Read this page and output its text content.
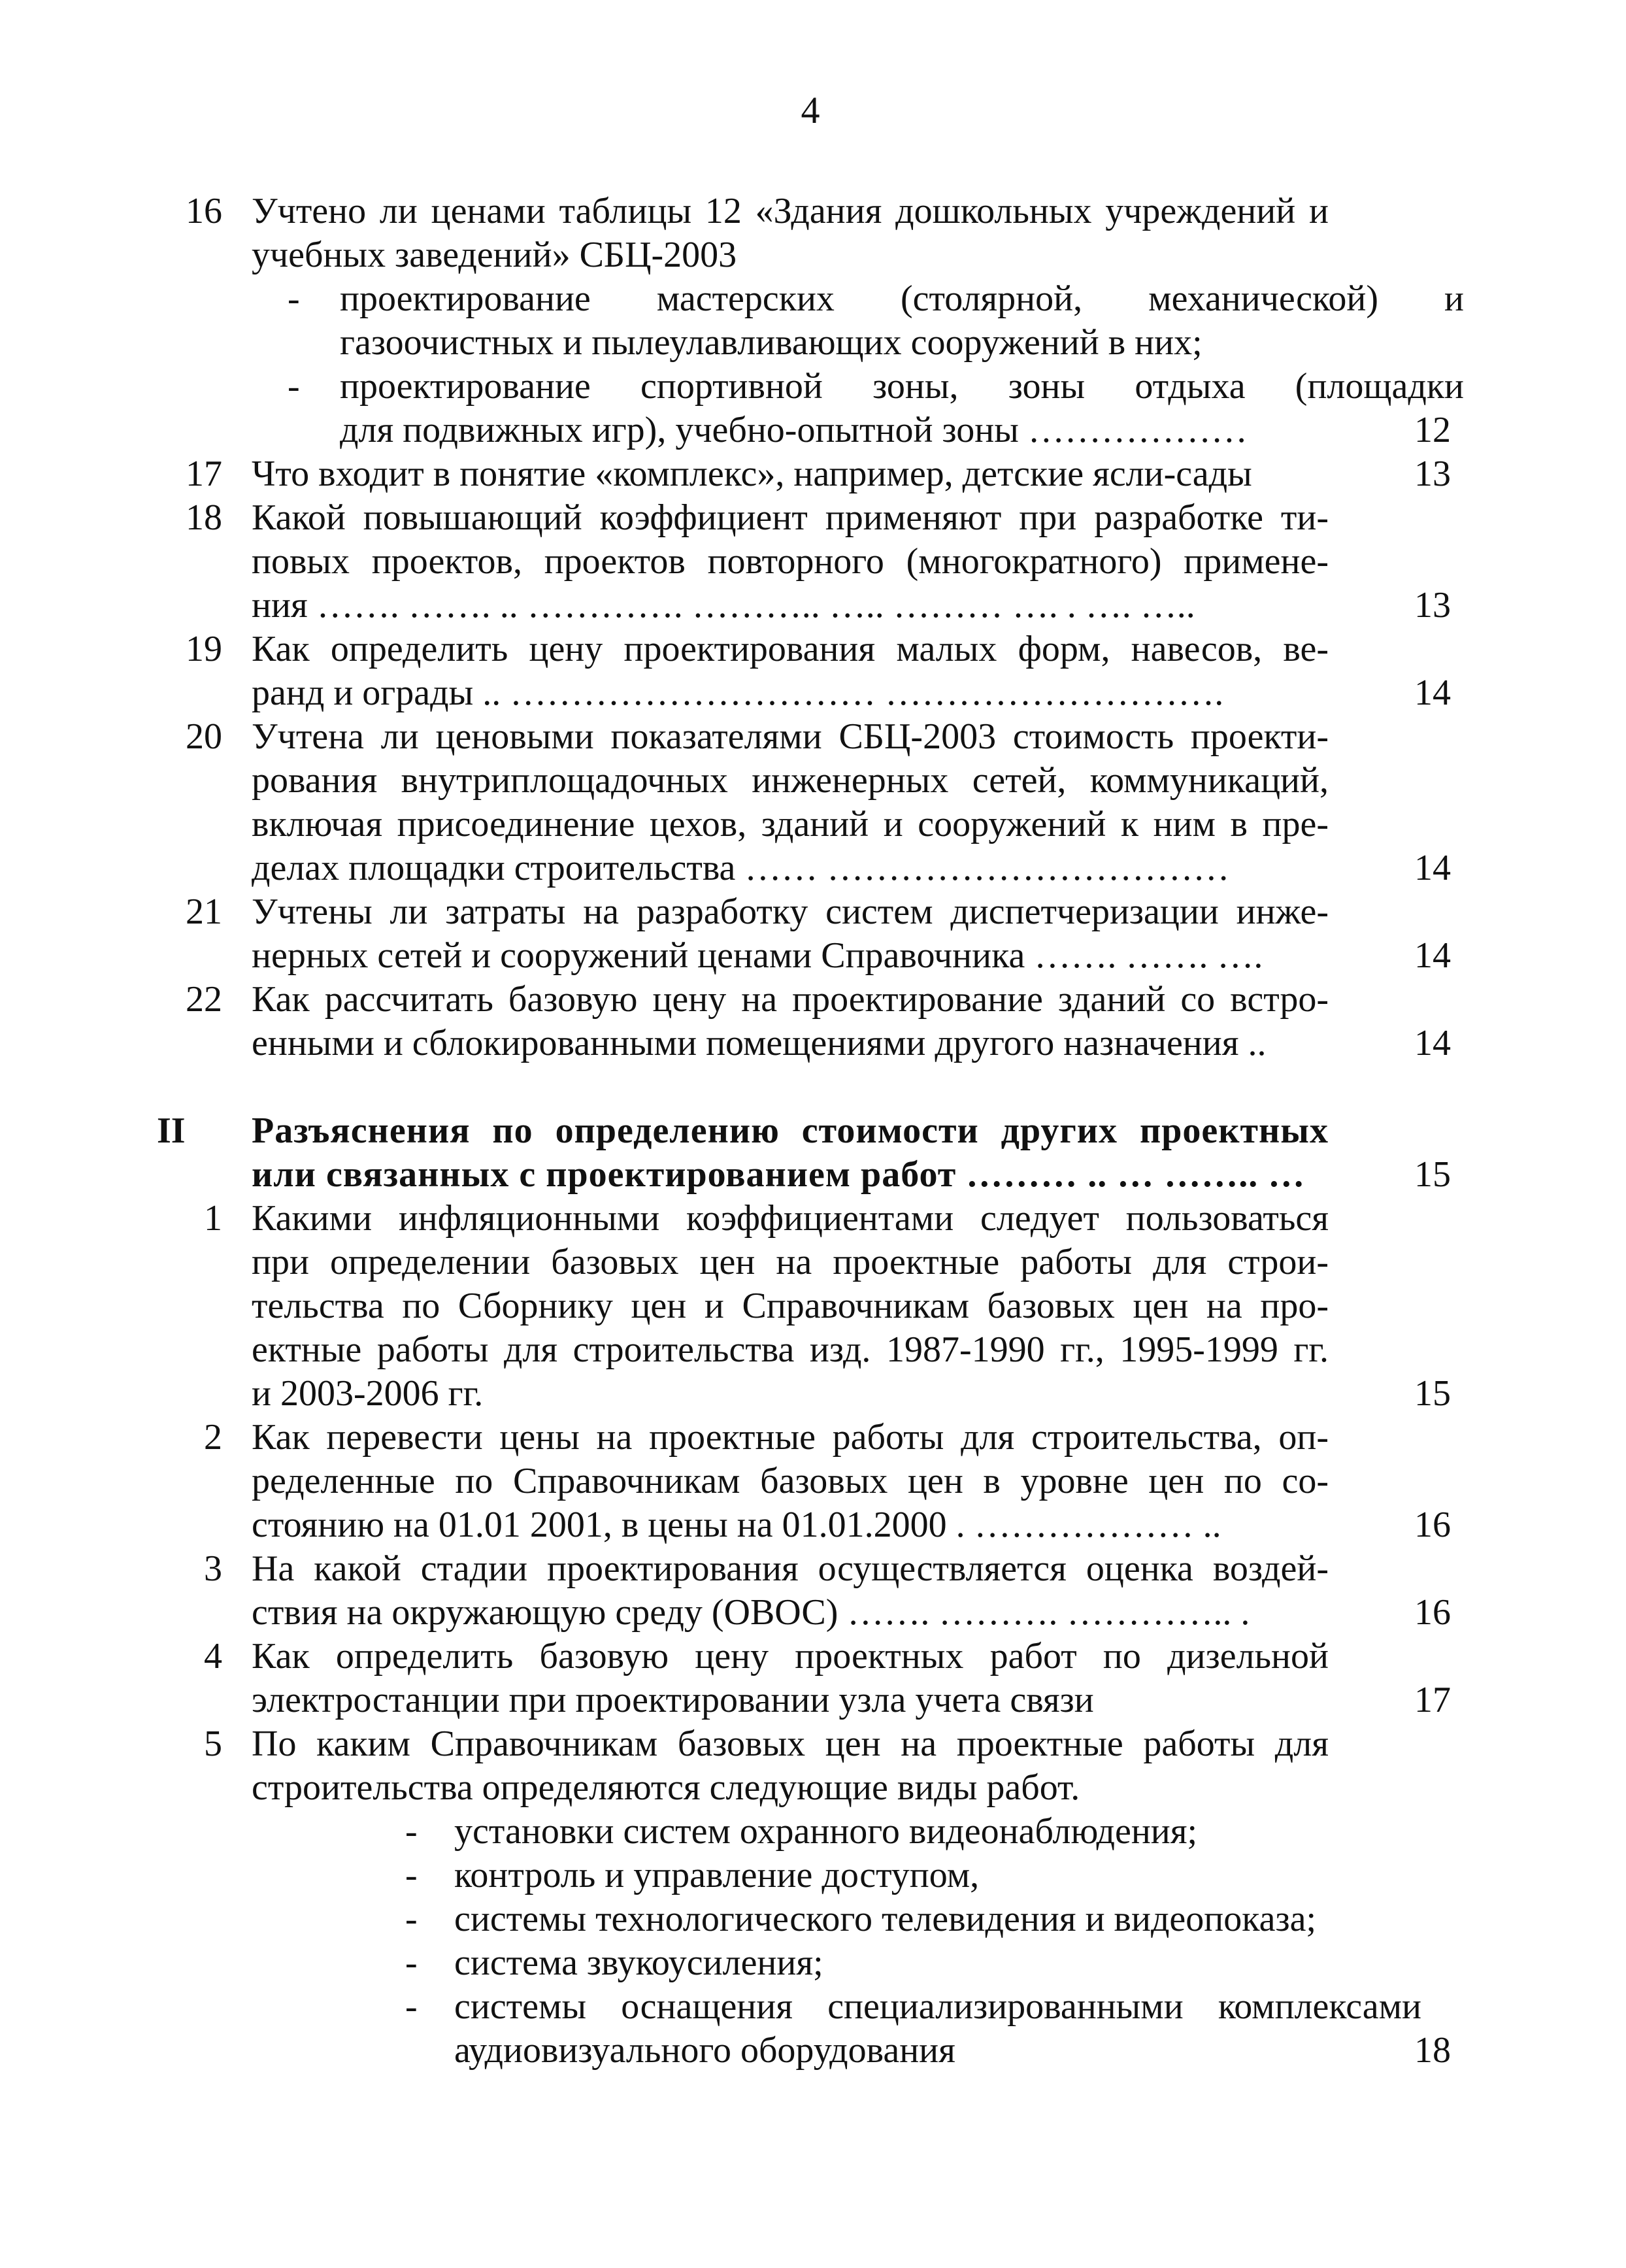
4
16 Учтено ли ценами таблицы 12 «Здания дошкольных учреждений и
учебных заведений» СБЦ-2003
- проектирование мастерских (столярной, механической) и
газоочистных и пылеулавливающих сооружений в них;
- проектирование спортивной зоны, зоны отдыха (площадки
для подвижных игр), учебно-опытной зоны ………………	12
17 Что входит в понятие «комплекс», например, детские ясли-сады	13
18 Какой повышающий коэффициент применяют при разработке ти-
повых проектов, проектов повторного (многократного) примене-
ния ……. ……. .. …………. ……….. ….. ……… …. . …. …..	13
19 Как определить цену проектирования малых форм, навесов, ве-
ранд и ограды .. ………………………… ……………………….	14
20 Учтена ли ценовыми показателями СБЦ-2003 стоимость проекти-
рования внутриплощадочных инженерных сетей, коммуникаций,
включая присоединение цехов, зданий и сооружений к ним в пре-
делах площадки строительства …… ……………………………	14
21 Учтены ли затраты на разработку систем диспетчеризации инже-
нерных сетей и сооружений ценами Справочника ……. ……. ….	14
22 Как рассчитать базовую цену на проектирование зданий со встро-
енными и сблокированными помещениями другого назначения ..	14
II	Разъяснения по определению стоимости других проектных
или связанных с проектированием работ ……… .. … …….. …	15
1 Какими инфляционными коэффициентами следует пользоваться
при определении базовых цен на проектные работы для строи-
тельства по Сборнику цен и Справочникам базовых цен на про-
ектные работы для строительства изд. 1987-1990 гг., 1995-1999 гг.
и 2003-2006 гг.	15
2 Как перевести цены на проектные работы для строительства, оп-
ределенные по Справочникам базовых цен в уровне цен по со-
стоянию на 01.01 2001, в цены на 01.01.2000 . ……………… ..	16
3 На какой стадии проектирования осуществляется оценка воздей-
ствия на окружающую среду (ОВОС) ……. ………. ………….. .	16
4 Как определить базовую цену проектных работ по дизельной
электростанции при проектировании узла учета связи	17
5 По каким Справочникам базовых цен на проектные работы для
строительства определяются следующие виды работ.
- установки систем охранного видеонаблюдения;
- контроль и управление доступом,
- системы технологического телевидения и видеопоказа;
- система звукоусиления;
- системы оснащения специализированными комплексами
аудиовизуального оборудования	18
